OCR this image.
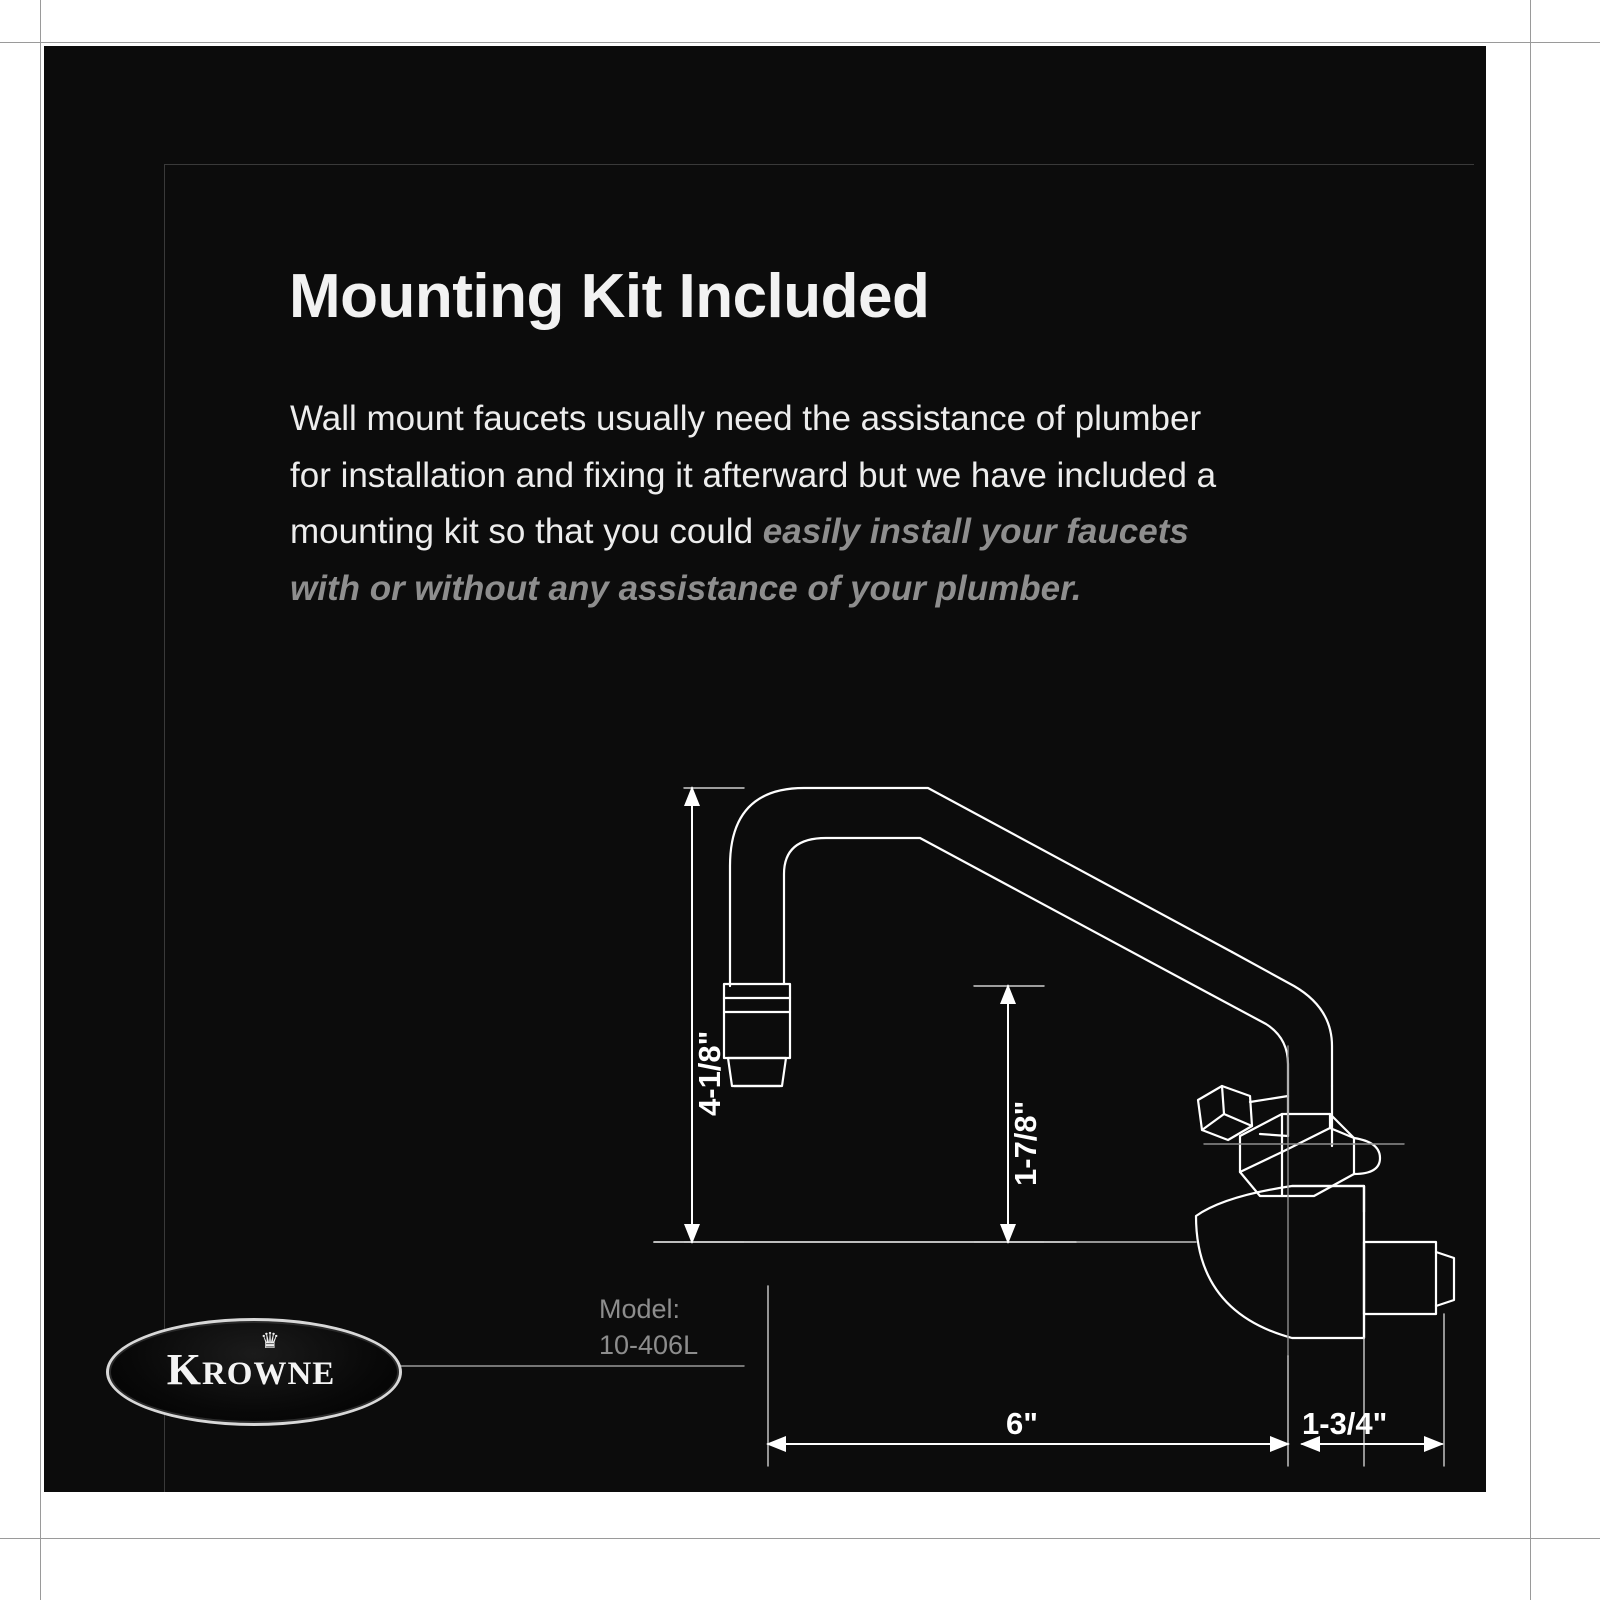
Mounting Kit Included
Wall mount faucets usually need the assistance of plumber for installation and fixing it afterward but we have included a mounting kit so that you could easily install your faucets with or without any assistance of your plumber.
4-1/8"
1-7/8"
6"	1-3/4"
Model:
10-406L
♛
KROWNE
